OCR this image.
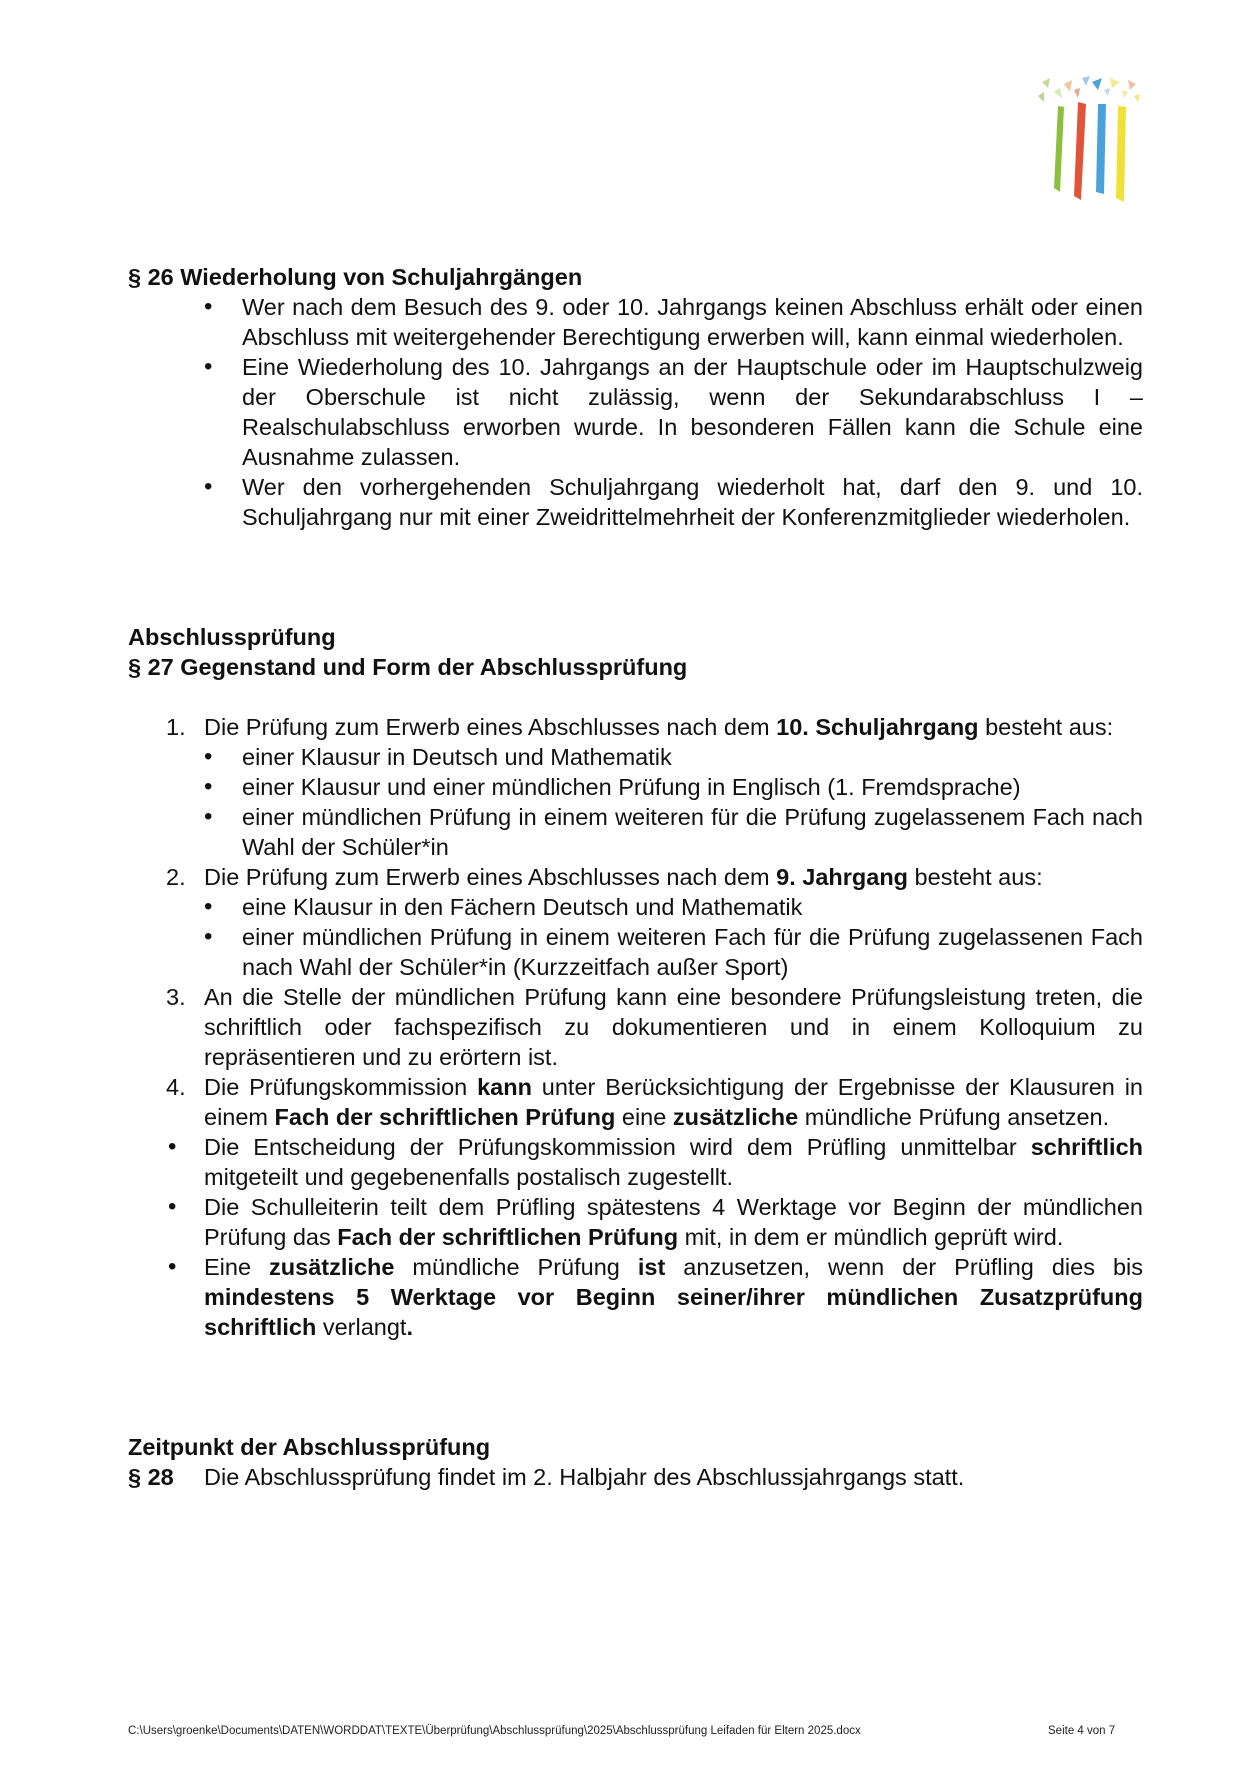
§ 26 Wiederholung von Schuljahrgängen
• Wer nach dem Besuch des 9. oder 10. Jahrgangs keinen Abschluss erhält oder einen Abschluss mit weitergehender Berechtigung erwerben will, kann einmal wiederholen.
• Eine Wiederholung des 10. Jahrgangs an der Hauptschule oder im Hauptschulzweig der Oberschule ist nicht zulässig, wenn der Sekundarabschluss I – Realschulabschluss erworben wurde. In besonderen Fällen kann die Schule eine Ausnahme zulassen.
• Wer den vorhergehenden Schuljahrgang wiederholt hat, darf den 9. und 10. Schuljahrgang nur mit einer Zweidrittelmehrheit der Konferenzmitglieder wiederholen.
Abschlussprüfung
§ 27 Gegenstand und Form der Abschlussprüfung
1. Die Prüfung zum Erwerb eines Abschlusses nach dem 10. Schuljahrgang besteht aus:
• einer Klausur in Deutsch und Mathematik
• einer Klausur und einer mündlichen Prüfung in Englisch (1. Fremdsprache)
• einer mündlichen Prüfung in einem weiteren für die Prüfung zugelassenem Fach nach Wahl der Schüler*in
2. Die Prüfung zum Erwerb eines Abschlusses nach dem 9. Jahrgang besteht aus:
• eine Klausur in den Fächern Deutsch und Mathematik
• einer mündlichen Prüfung in einem weiteren Fach für die Prüfung zugelassenen Fach nach Wahl der Schüler*in (Kurzzeitfach außer Sport)
3. An die Stelle der mündlichen Prüfung kann eine besondere Prüfungsleistung treten, die schriftlich oder fachspezifisch zu dokumentieren und in einem Kolloquium zu repräsentieren und zu erörtern ist.
4. Die Prüfungskommission kann unter Berücksichtigung der Ergebnisse der Klausuren in einem Fach der schriftlichen Prüfung eine zusätzliche mündliche Prüfung ansetzen.
• Die Entscheidung der Prüfungskommission wird dem Prüfling unmittelbar schriftlich mitgeteilt und gegebenenfalls postalisch zugestellt.
• Die Schulleiterin teilt dem Prüfling spätestens 4 Werktage vor Beginn der mündlichen Prüfung das Fach der schriftlichen Prüfung mit, in dem er mündlich geprüft wird.
• Eine zusätzliche mündliche Prüfung ist anzusetzen, wenn der Prüfling dies bis mindestens 5 Werktage vor Beginn seiner/ihrer mündlichen Zusatzprüfung schriftlich verlangt.
Zeitpunkt der Abschlussprüfung
§ 28	Die Abschlussprüfung findet im 2. Halbjahr des Abschlussjahrgangs statt.
C:\Users\groenke\Documents\DATEN\WORDDAT\TEXTE\Überprüfung\Abschlussprüfung\2025\Abschlussprüfung Leifaden für Eltern 2025.docx	Seite 4 von 7
